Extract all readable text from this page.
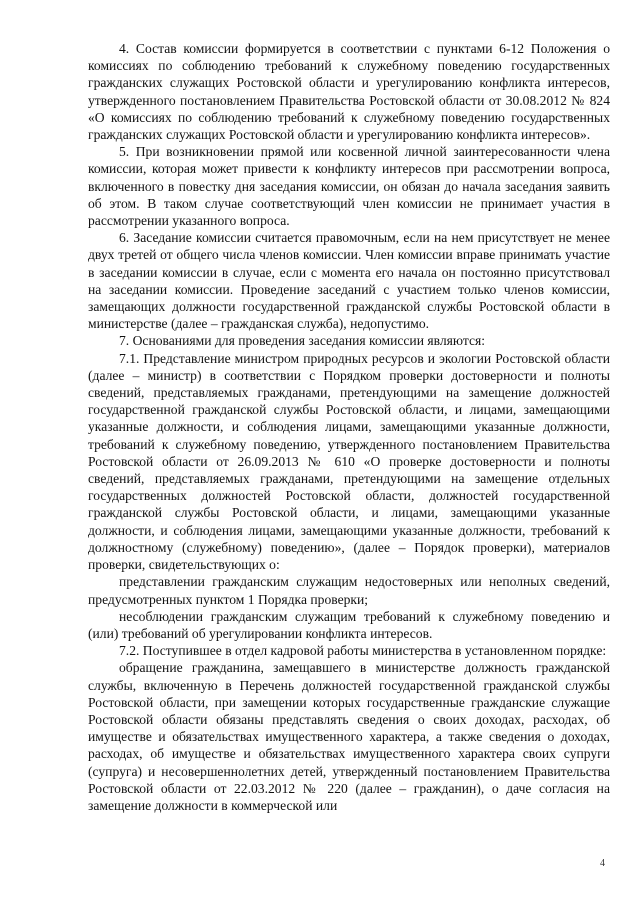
4. Состав комиссии формируется в соответствии с пунктами 6-12 Положения о комиссиях по соблюдению требований к служебному поведению государственных гражданских служащих Ростовской области и урегулированию конфликта интересов, утвержденного постановлением Правительства Ростовской области от 30.08.2012 № 824 «О комиссиях по соблюдению требований к служебному поведению государственных гражданских служащих Ростовской области и урегулированию конфликта интересов».

5. При возникновении прямой или косвенной личной заинтересованности члена комиссии, которая может привести к конфликту интересов при рассмотрении вопроса, включенного в повестку дня заседания комиссии, он обязан до начала заседания заявить об этом. В таком случае соответствующий член комиссии не принимает участия в рассмотрении указанного вопроса.

6. Заседание комиссии считается правомочным, если на нем присутствует не менее двух третей от общего числа членов комиссии. Член комиссии вправе принимать участие в заседании комиссии в случае, если с момента его начала он постоянно присутствовал на заседании комиссии. Проведение заседаний с участием только членов комиссии, замещающих должности государственной гражданской службы Ростовской области в министерстве (далее – гражданская служба), недопустимо.

7. Основаниями для проведения заседания комиссии являются:

7.1. Представление министром природных ресурсов и экологии Ростовской области (далее – министр) в соответствии с Порядком проверки достоверности и полноты сведений, представляемых гражданами, претендующими на замещение должностей государственной гражданской службы Ростовской области, и лицами, замещающими указанные должности, и соблюдения лицами, замещающими указанные должности, требований к служебному поведению, утвержденного постановлением Правительства Ростовской области от 26.09.2013 № 610 «О проверке достоверности и полноты сведений, представляемых гражданами, претендующими на замещение отдельных государственных должностей Ростовской области, должностей государственной гражданской службы Ростовской области, и лицами, замещающими указанные должности, и соблюдения лицами, замещающими указанные должности, требований к должностному (служебному) поведению», (далее – Порядок проверки), материалов проверки, свидетельствующих о:

представлении гражданским служащим недостоверных или неполных сведений, предусмотренных пунктом 1 Порядка проверки;

несоблюдении гражданским служащим требований к служебному поведению и (или) требований об урегулировании конфликта интересов.

7.2. Поступившее в отдел кадровой работы министерства в установленном порядке:

обращение гражданина, замещавшего в министерстве должность гражданской службы, включенную в Перечень должностей государственной гражданской службы Ростовской области, при замещении которых государственные гражданские служащие Ростовской области обязаны представлять сведения о своих доходах, расходах, об имуществе и обязательствах имущественного характера, а также сведения о доходах, расходах, об имуществе и обязательствах имущественного характера своих супруги (супруга) и несовершеннолетних детей, утвержденный постановлением Правительства Ростовской области от 22.03.2012 № 220 (далее – гражданин), о даче согласия на замещение должности в коммерческой или

4
